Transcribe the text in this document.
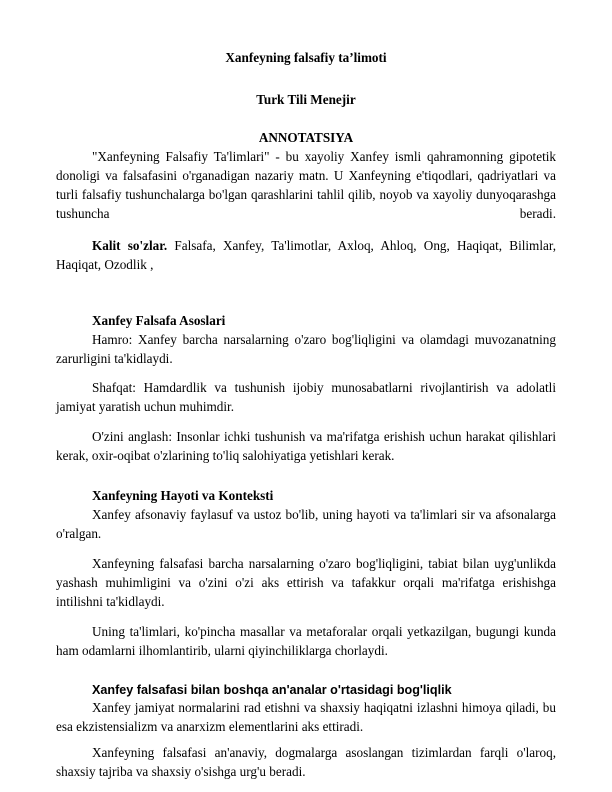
Xanfeyning falsafiy ta’limoti
Turk Tili Menejir
ANNOTATSIYA
"Xanfeyning Falsafiy Ta'limlari" - bu xayoliy Xanfey ismli qahramonning gipotetik donoligi va falsafasini o'rganadigan nazariy matn. U Xanfeyning e'tiqodlari, qadriyatlari va turli falsafiy tushunchalarga bo'lgan qarashlarini tahlil qilib, noyob va xayoliy dunyoqarashga tushuncha beradi.
Kalit so'zlar. Falsafa, Xanfey, Ta'limotlar, Axloq, Ahloq, Ong, Haqiqat, Bilimlar, Haqiqat, Ozodlik ,
Xanfey Falsafa Asoslari
Hamro: Xanfey barcha narsalarning o'zaro bog'liqligini va olamdagi muvozanatning zarurligini ta'kidlaydi.
Shafqat: Hamdardlik va tushunish ijobiy munosabatlarni rivojlantirish va adolatli jamiyat yaratish uchun muhimdir.
O'zini anglash: Insonlar ichki tushunish va ma'rifatga erishish uchun harakat qilishlari kerak, oxir-oqibat o'zlarining to'liq salohiyatiga yetishlari kerak.
Xanfeyning Hayoti va Konteksti
Xanfey afsonaviy faylasuf va ustoz bo'lib, uning hayoti va ta'limlari sir va afsonalarga o'ralgan.
Xanfeyning falsafasi barcha narsalarning o'zaro bog'liqligini, tabiat bilan uyg'unlikda yashash muhimligini va o'zini o'zi aks ettirish va tafakkur orqali ma'rifatga erishishga intilishni ta'kidlaydi.
Uning ta'limlari, ko'pincha masallar va metaforalar orqali yetkazilgan, bugungi kunda ham odamlarni ilhomlantirib, ularni qiyinchiliklarga chorlaydi.
Xanfey falsafasi bilan boshqa an'analar o'rtasidagi bog'liqlik
Xanfey jamiyat normalarini rad etishni va shaxsiy haqiqatni izlashni himoya qiladi, bu esa ekzistensializm va anarxizm elementlarini aks ettiradi.
Xanfeyning falsafasi an'anaviy, dogmalarga asoslangan tizimlardan farqli o'laroq, shaxsiy tajriba va shaxsiy o'sishga urg'u beradi.
